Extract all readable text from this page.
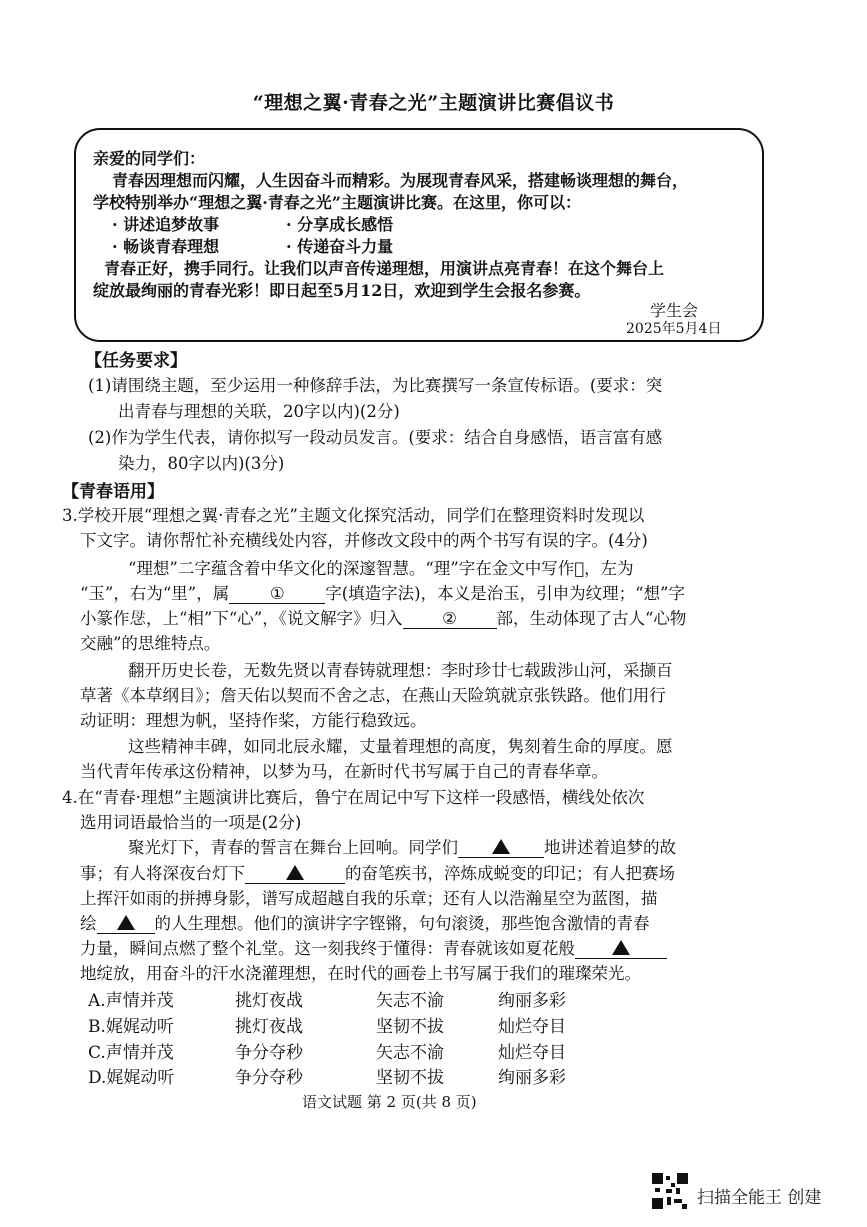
“理想之翼·青春之光”主题演讲比赛倡议书
亲爱的同学们：
青春因理想而闪耀，人生因奋斗而精彩。为展现青春风采，搭建畅谈理想的舞台，
学校特别举办“理想之翼·青春之光”主题演讲比赛。在这里，你可以：
· 讲述追梦故事	· 分享成长感悟
· 畅谈青春理想	· 传递奋斗力量
青春正好，携手同行。让我们以声音传递理想，用演讲点亮青春！在这个舞台上
绽放最绚丽的青春光彩！即日起至5月12日，欢迎到学生会报名参赛。
学生会
2025年5月4日
【任务要求】
(1)请围绕主题，至少运用一种修辞手法，为比赛撰写一条宣传标语。(要求：突
出青春与理想的关联，20字以内)(2分)
(2)作为学生代表，请你拟写一段动员发言。(要求：结合自身感悟，语言富有感
染力，80字以内)(3分)
【青春语用】
3.学校开展“理想之翼·青春之光”主题文化探究活动，同学们在整理资料时发现以
下文字。请你帮忙补充横线处内容，并修改文段中的两个书写有误的字。(4分)
“理想”二字蕴含着中华文化的深邃智慧。“理”字在金文中写作𤤵，左为
“玉”，右为“里”，属 ① 字(填造字法)，本义是治玉，引申为纹理；“想”字
小篆作𢘓，上“相”下“心”，《说文解字》归入 ② 部，生动体现了古人“心物
交融”的思维特点。
翻开历史长卷，无数先贤以青春铸就理想：李时珍廿七载跋涉山河，采撷百
草著《本草纲目》；詹天佑以契而不舍之志，在燕山天险筑就京张铁路。他们用行
动证明：理想为帆，坚持作桨，方能行稳致远。
这些精神丰碑，如同北辰永耀，丈量着理想的高度，隽刻着生命的厚度。愿
当代青年传承这份精神，以梦为马，在新时代书写属于自己的青春华章。
4.在“青春·理想”主题演讲比赛后，鲁宁在周记中写下这样一段感悟，横线处依次
选用词语最恰当的一项是(2分)
聚光灯下，青春的誓言在舞台上回响。同学们	地讲述着追梦的故
事；有人将深夜台灯下	的奋笔疾书，淬炼成蜕变的印记；有人把赛场
上挥汗如雨的拼搏身影，谱写成超越自我的乐章；还有人以浩瀚星空为蓝图，描
绘	的人生理想。他们的演讲字字铿锵，句句滚烫，那些饱含激情的青春
力量，瞬间点燃了整个礼堂。这一刻我终于懂得：青春就该如夏花般
地绽放，用奋斗的汗水浇灌理想，在时代的画卷上书写属于我们的璀璨荣光。
A.声情并茂	挑灯夜战	矢志不渝	绚丽多彩
B.娓娓动听	挑灯夜战	坚韧不拔	灿烂夺目
C.声情并茂	争分夺秒	矢志不渝	灿烂夺目
D.娓娓动听	争分夺秒	坚韧不拔	绚丽多彩
语文试题 第 2 页(共 8 页)
扫描全能王 创建
